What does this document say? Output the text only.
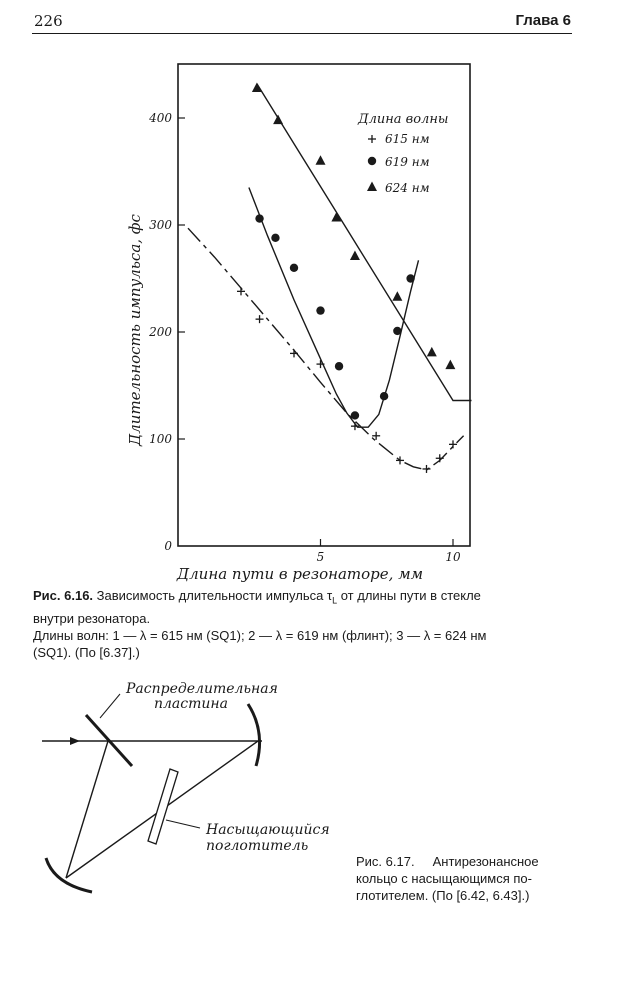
226	Глава 6
0
100
200
300
400
5	10
Длина волны
615 нм
619 нм
624 нм
Длительность импульса, фс
Длина пути в резонаторе, мм
Рис. 6.16. Зависимость длительности импульса $\tau_L$ от длины пути в стекле
внутри резонатора.
Длины волн: 1 — λ = 615 нм (SQ1); 2 — λ = 619 нм (флинт); 3 — λ = 624 нм
(SQ1). (По [6.37].)
Распределительная
пластина
Насыщающийся
поглотитель
Рис. 6.17.     Антирезонансное
кольцо с насыщающимся по-
глотителем. (По [6.42, 6.43].)
